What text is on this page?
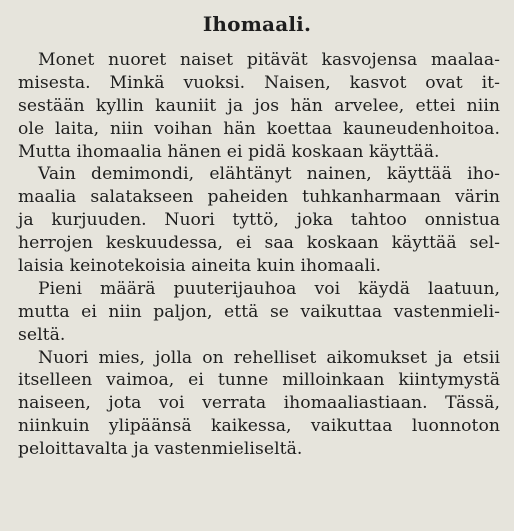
Ihomaali.
Monet nuoret naiset pitävät kasvojensa maalaa-
misesta. Minkä vuoksi. Naisen, kasvot ovat it-
sestään kyllin kauniit ja jos hän arvelee, ettei niin
ole laita, niin voihan hän koettaa kauneudenhoitoa.
Mutta ihomaalia hänen ei pidä koskaan käyttää.
Vain demimondi, elähtänyt nainen, käyttää iho-
maalia salatakseen paheiden tuhkanharmaan värin
ja kurjuuden. Nuori tyttö, joka tahtoo onnistua
herrojen keskuudessa, ei saa koskaan käyttää sel-
laisia keinotekoisia aineita kuin ihomaali.
Pieni määrä puuterijauhoa voi käydä laatuun,
mutta ei niin paljon, että se vaikuttaa vastenmieli-
seltä.
Nuori mies, jolla on rehelliset aikomukset ja etsii
itselleen vaimoa, ei tunne milloinkaan kiintymystä
naiseen, jota voi verrata ihomaaliastiaan. Tässä,
niinkuin ylipäänsä kaikessa, vaikuttaa luonnoton
peloittavalta ja vastenmieliseltä.
